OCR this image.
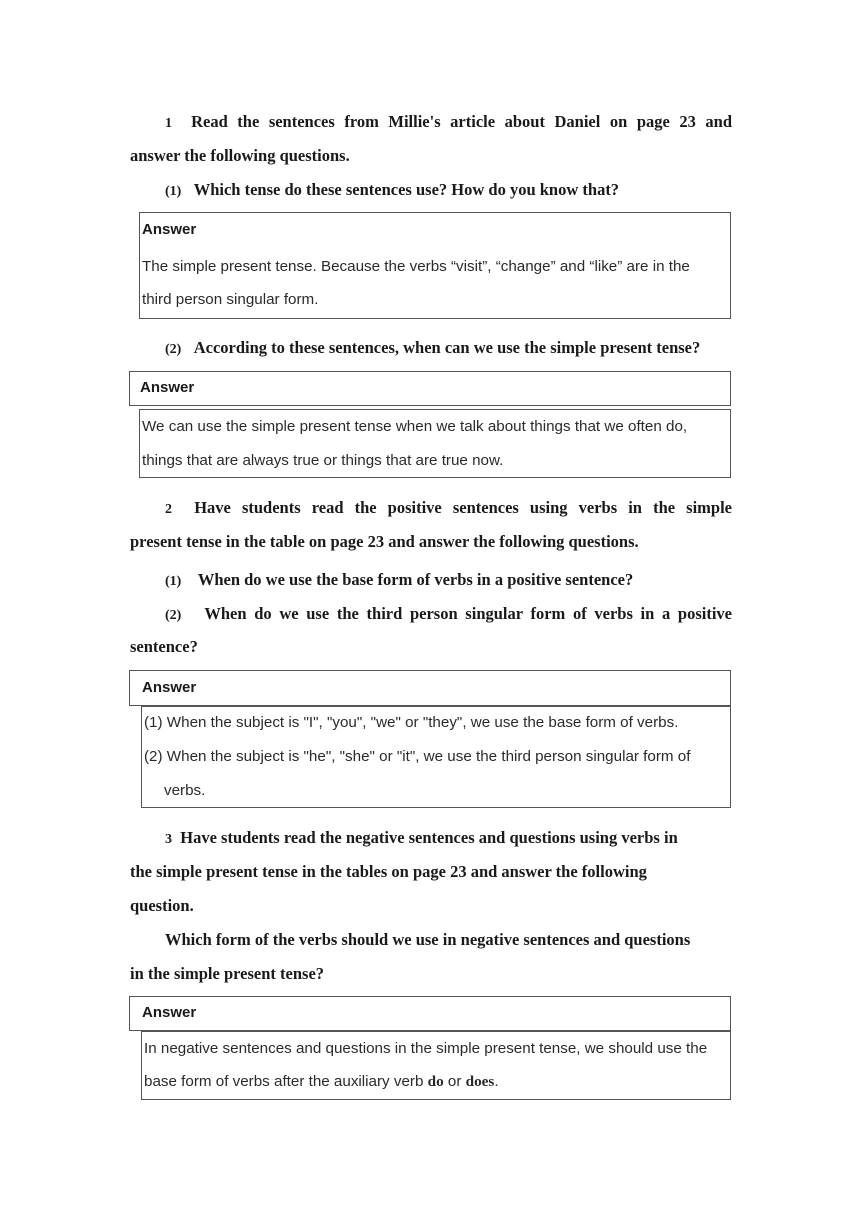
1 Read the sentences from Millie's article about Daniel on page 23 and
answer the following questions.
(1) Which tense do these sentences use? How do you know that?
Answer
The simple present tense. Because the verbs “visit”, “change” and “like” are in the
third person singular form.
(2) According to these sentences, when can we use the simple present tense?
Answer
We can use the simple present tense when we talk about things that we often do,
things that are always true or things that are true now.
2 Have students read the positive sentences using verbs in the simple
present tense in the table on page 23 and answer the following questions.
(1) When do we use the base form of verbs in a positive sentence?
(2) When do we use the third person singular form of verbs in a positive
sentence?
Answer
(1) When the subject is "I", "you", "we" or "they", we use the base form of verbs.
(2) When the subject is "he", "she" or "it", we use the third person singular form of
verbs.
3 Have students read the negative sentences and questions using verbs in
the simple present tense in the tables on page 23 and answer the following
question.
Which form of the verbs should we use in negative sentences and questions
in the simple present tense?
Answer
In negative sentences and questions in the simple present tense, we should use the
base form of verbs after the auxiliary verb do or does.
